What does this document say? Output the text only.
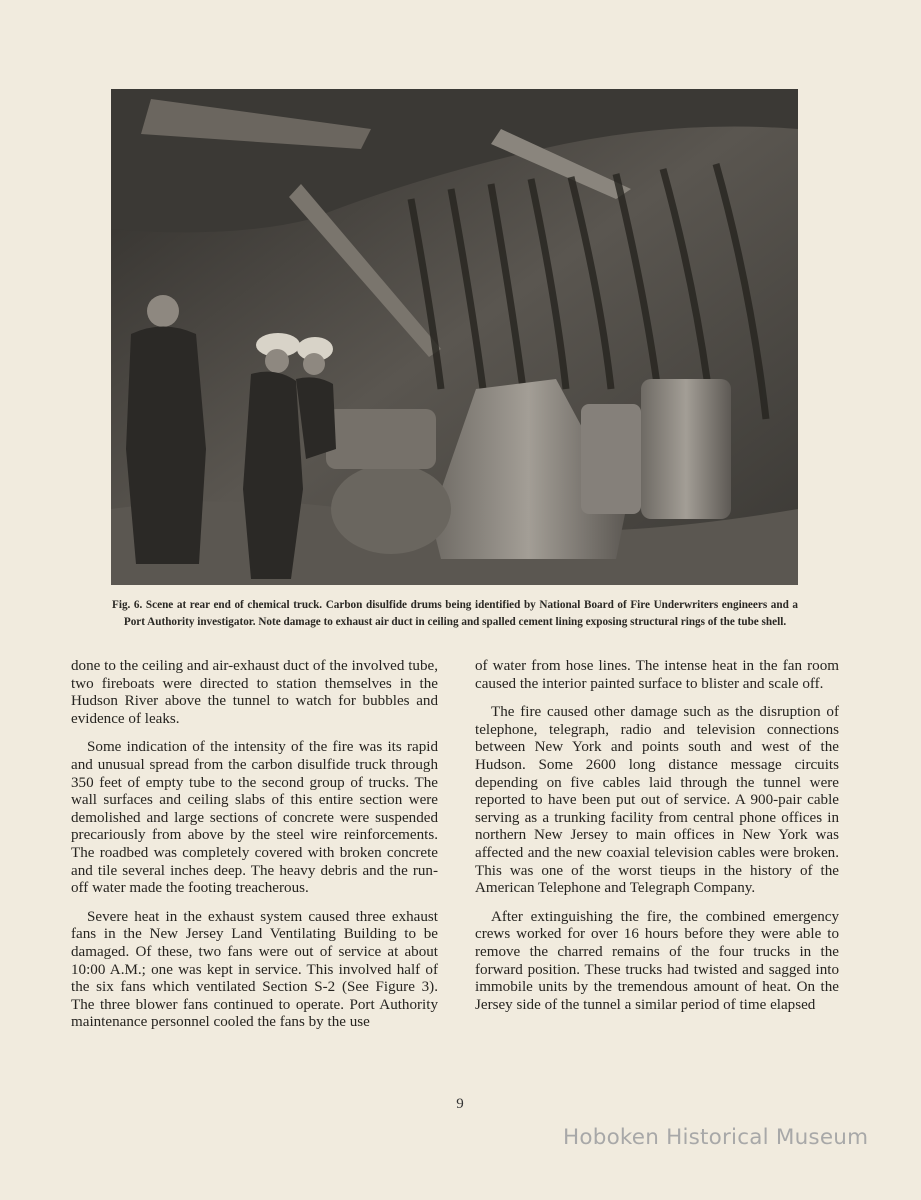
Fig. 6. Scene at rear end of chemical truck. Carbon disulfide drums being identified by National Board of Fire Underwriters engineers and a Port Authority investigator. Note damage to exhaust air duct in ceiling and spalled cement lining exposing structural rings of the tube shell.

done to the ceiling and air-exhaust duct of the involved tube, two fireboats were directed to station themselves in the Hudson River above the tunnel to watch for bubbles and evidence of leaks.

Some indication of the intensity of the fire was its rapid and unusual spread from the carbon disulfide truck through 350 feet of empty tube to the second group of trucks. The wall surfaces and ceiling slabs of this entire section were demolished and large sections of concrete were suspended precariously from above by the steel wire reinforcements. The roadbed was completely covered with broken concrete and tile several inches deep. The heavy debris and the run-off water made the footing treacherous.

Severe heat in the exhaust system caused three exhaust fans in the New Jersey Land Ventilating Building to be damaged. Of these, two fans were out of service at about 10:00 A.M.; one was kept in service. This involved half of the six fans which ventilated Section S-2 (See Figure 3). The three blower fans continued to operate. Port Authority maintenance personnel cooled the fans by the use

of water from hose lines. The intense heat in the fan room caused the interior painted surface to blister and scale off.

The fire caused other damage such as the disruption of telephone, telegraph, radio and television connections between New York and points south and west of the Hudson. Some 2600 long distance message circuits depending on five cables laid through the tunnel were reported to have been put out of service. A 900-pair cable serving as a trunking facility from central phone offices in northern New Jersey to main offices in New York was affected and the new coaxial television cables were broken. This was one of the worst tieups in the history of the American Telephone and Telegraph Company.

After extinguishing the fire, the combined emergency crews worked for over 16 hours before they were able to remove the charred remains of the four trucks in the forward position. These trucks had twisted and sagged into immobile units by the tremendous amount of heat. On the Jersey side of the tunnel a similar period of time elapsed

9
Hoboken Historical Museum
